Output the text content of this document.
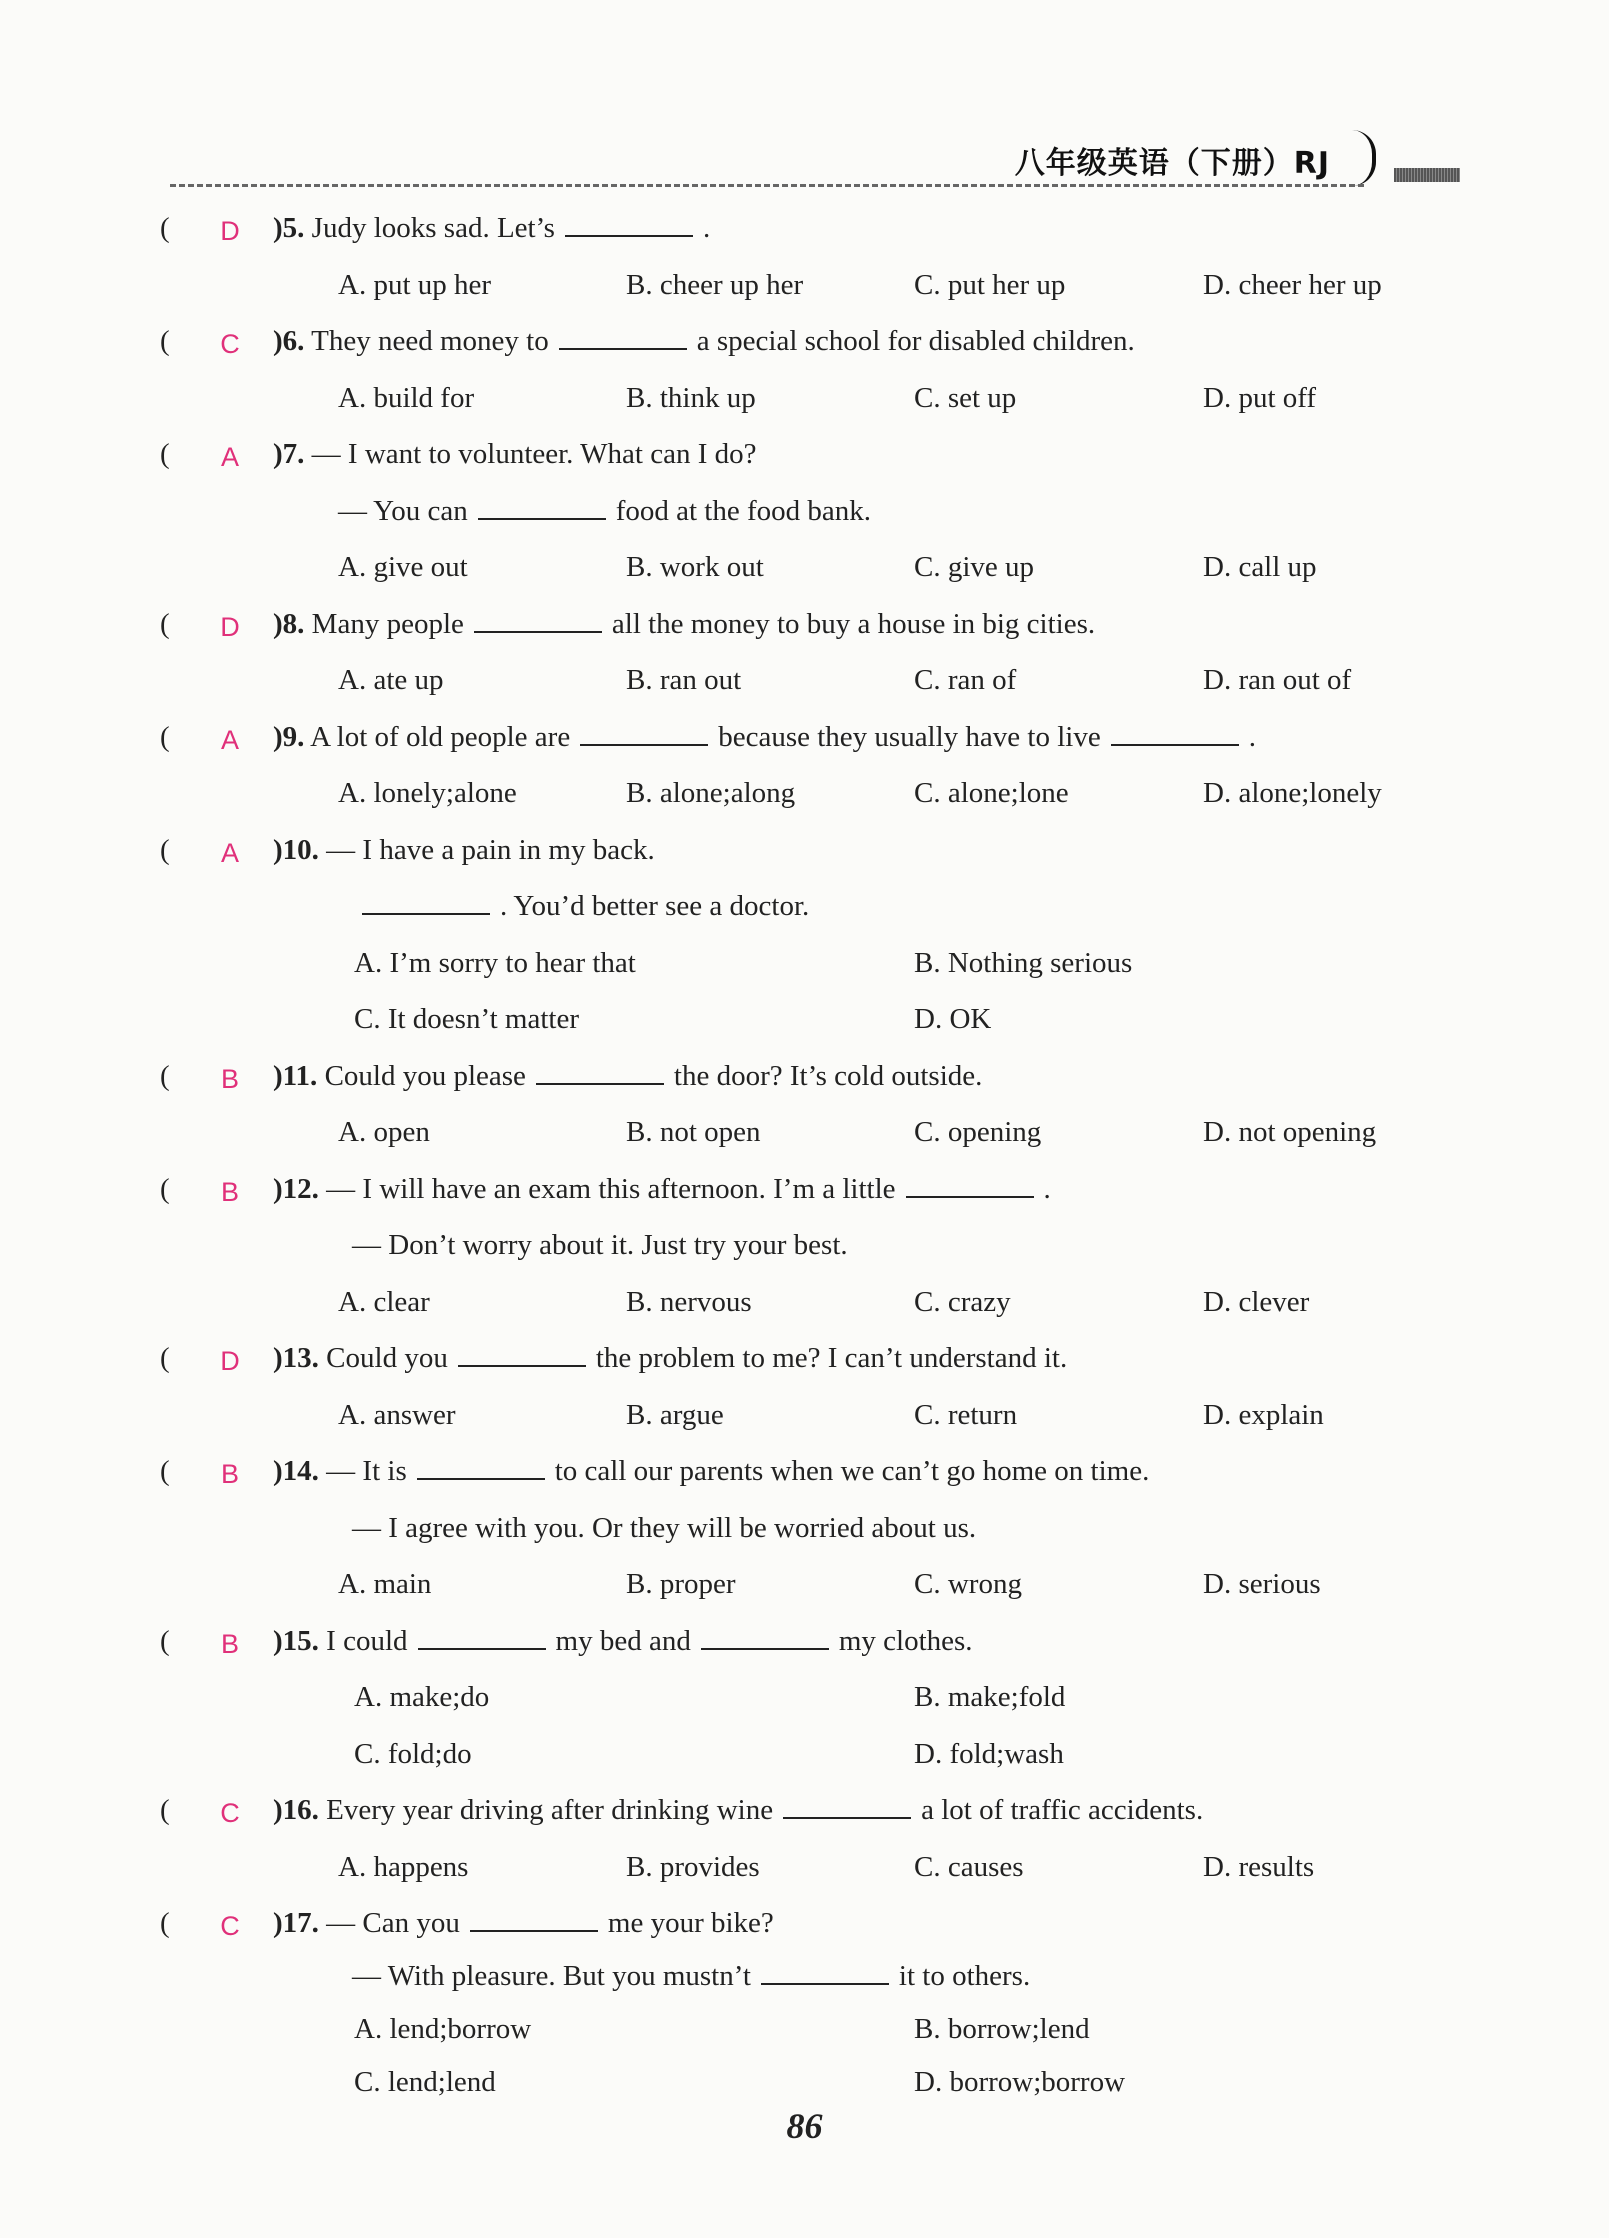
八年级英语（下册）RJ
( D )5. Judy looks sad. Let’s	.
A. put up her	B. cheer up her	C. put her up	D. cheer her up
( C )6. They need money to	a special school for disabled children.
A. build for	B. think up	C. set up	D. put off
( A )7. — I want to volunteer. What can I do?
— You can	food at the food bank.
A. give out	B. work out	C. give up	D. call up
( D )8. Many people	all the money to buy a house in big cities.
A. ate up	B. ran out	C. ran of	D. ran out of
( A )9. A lot of old people are	because they usually have to live	.
A. lonely;alone	B. alone;along	C. alone;lone	D. alone;lonely
( A )10. — I have a pain in my back.
. You’d better see a doctor.
A. I’m sorry to hear that	B. Nothing serious
C. It doesn’t matter	D. OK
( B )11. Could you please	the door? It’s cold outside.
A. open	B. not open	C. opening	D. not opening
( B )12. — I will have an exam this afternoon. I’m a little	.
— Don’t worry about it. Just try your best.
A. clear	B. nervous	C. crazy	D. clever
( D )13. Could you	the problem to me? I can’t understand it.
A. answer	B. argue	C. return	D. explain
( B )14. — It is	to call our parents when we can’t go home on time.
— I agree with you. Or they will be worried about us.
A. main	B. proper	C. wrong	D. serious
( B )15. I could	my bed and	my clothes.
A. make;do	B. make;fold
C. fold;do	D. fold;wash
( C )16. Every year driving after drinking wine	a lot of traffic accidents.
A. happens	B. provides	C. causes	D. results
( C )17. — Can you	me your bike?
— With pleasure. But you mustn’t	it to others.
A. lend;borrow	B. borrow;lend
C. lend;lend	D. borrow;borrow
86
